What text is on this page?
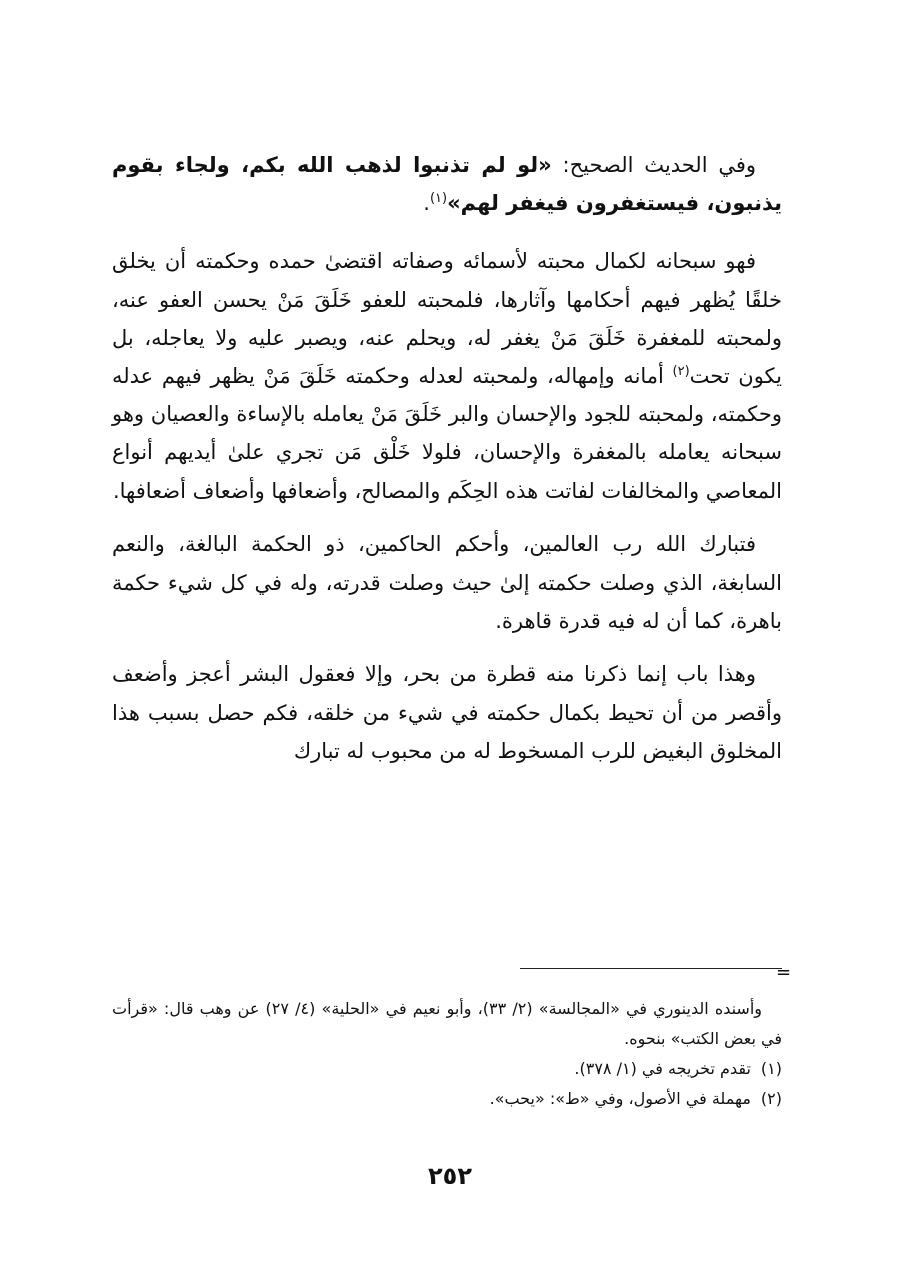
وفي الحديث الصحيح: «لو لم تذنبوا لذهب الله بكم، ولجاء بقوم يذنبون، فيستغفرون فيغفر لهم»$^{(١)}$.

فهو سبحانه لكمال محبته لأسمائه وصفاته اقتضىٰ حمده وحكمته أن يخلق خلقًا يُظهر فيهم أحكامها وآثارها، فلمحبته للعفو خَلَقَ مَنْ يحسن العفو عنه، ولمحبته للمغفرة خَلَقَ مَنْ يغفر له، ويحلم عنه، ويصبر عليه ولا يعاجله، بل يكون تحت$^{(٢)}$ أمانه وإمهاله، ولمحبته لعدله وحكمته خَلَقَ مَنْ يظهر فيهم عدله وحكمته، ولمحبته للجود والإحسان والبر خَلَقَ مَنْ يعامله بالإساءة والعصيان وهو سبحانه يعامله بالمغفرة والإحسان، فلولا خَلْق مَن تجري علىٰ أيديهم أنواع المعاصي والمخالفات لفاتت هذه الحِكَم والمصالح، وأضعافها وأضعاف أضعافها.

فتبارك الله رب العالمين، وأحكم الحاكمين، ذو الحكمة البالغة، والنعم السابغة، الذي وصلت حكمته إلىٰ حيث وصلت قدرته، وله في كل شيء حكمة باهرة، كما أن له فيه قدرة قاهرة.

وهذا باب إنما ذكرنا منه قطرة من بحر، وإلا فعقول البشر أعجز وأضعف وأقصر من أن تحيط بكمال حكمته في شيء من خلقه، فكم حصل بسبب هذا المخلوق البغيض للرب المسخوط له من محبوب له تبارك

=

وأسنده الدينوري في «المجالسة» (٢/ ٣٣)، وأبو نعيم في «الحلية» (٤/ ٢٧) عن وهب قال: «قرأت في بعض الكتب» بنحوه.

(١)
تقدم تخريجه في (١/ ٣٧٨).

(٢)
مهملة في الأصول، وفي «ط»: «يحب».

٢٥٢
